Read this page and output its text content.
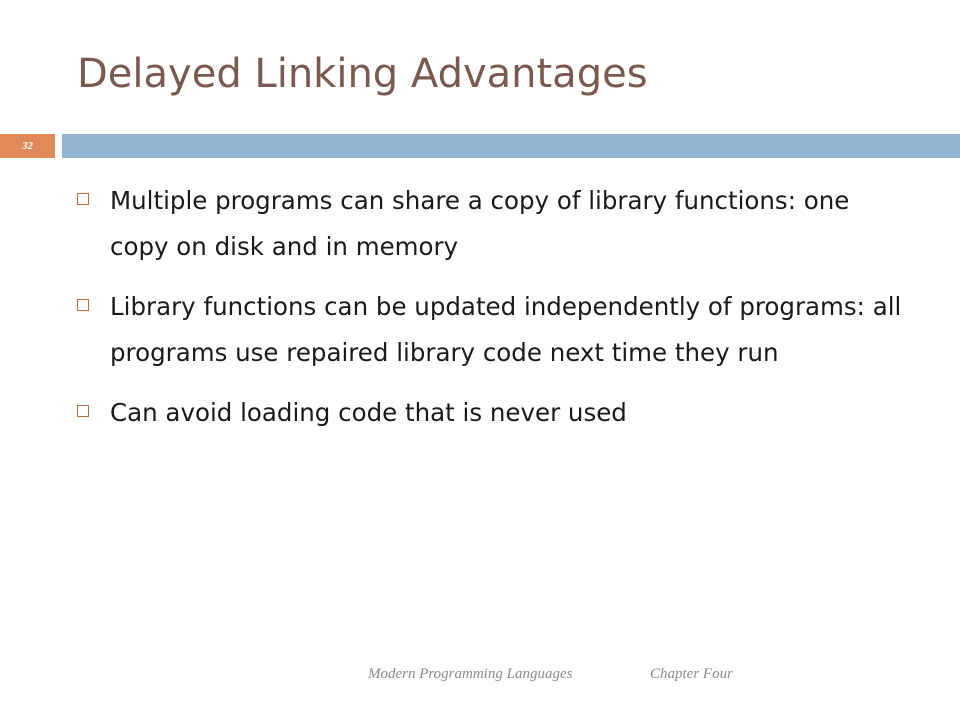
Delayed Linking Advantages
32
Multiple programs can share a copy of library functions: one copy on disk and in memory
Library functions can be updated independently of programs: all programs use repaired library code next time they run
Can avoid loading code that is never used
Modern Programming Languages	Chapter Four
